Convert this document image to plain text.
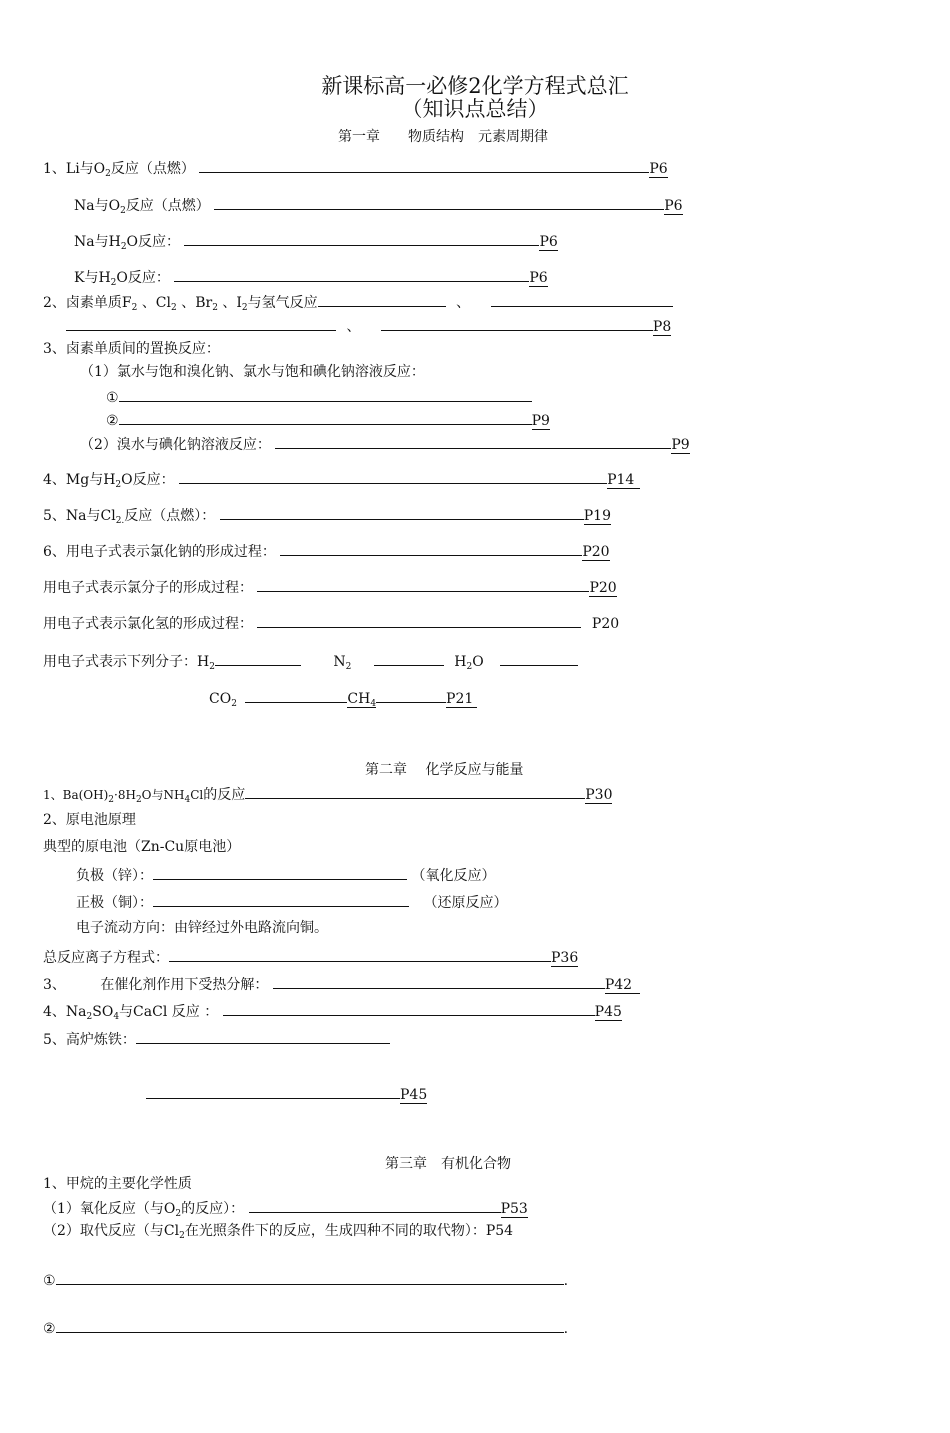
新课标高一必修2化学方程式总汇
（知识点总结）
第一章　　物质结构　元素周期律
1、Li与$O_2$反应（点燃）	P6
Na与$O_2$反应（点燃）	P6
Na与$H_2O$反应：	P6
K与$H_2O$反应：	P6
2、卤素单质$F_2$ 、$Cl_2$ 、$Br_2$ 、$I_2$与氢气反应	、
、	P8
3、卤素单质间的置换反应：
（1）氯水与饱和溴化钠、氯水与饱和碘化钠溶液反应：
①
②	P9
（2）溴水与碘化钠溶液反应：	P9
4、Mg与$H_2O$反应：	P14
5、Na与$Cl_{2.}$反应（点燃）：	P19
6、用电子式表示氯化钠的形成过程：	P20
用电子式表示氯分子的形成过程：	P20
用电子式表示氯化氢的形成过程：	P20
用电子式表示下列分子：$H_2$	$N_2$	$H_2O$
$CO_2$	$CH_4$	P21
第二章　 化学反应与能量
1、$Ba(OH)_2\cdot 8H_2O$与$NH_4Cl$的反应	P30
2、原电池原理
典型的原电池（Zn-Cu原电池）
负极（锌）：	（氧化反应）
正极（铜）：	（还原反应）
电子流动方向：由锌经过外电路流向铜。
总反应离子方程式：	P36
3、 在催化剂作用下受热分解：	P42
4、$Na_2SO_4$与CaCl 反应 ：	P45
5、高炉炼铁：
P45
第三章　有机化合物
1、甲烷的主要化学性质
（1）氧化反应（与$O_2$的反应）：	P53
（2）取代反应（与$Cl_2$在光照条件下的反应，生成四种不同的取代物）：P54
①	.
②	.
